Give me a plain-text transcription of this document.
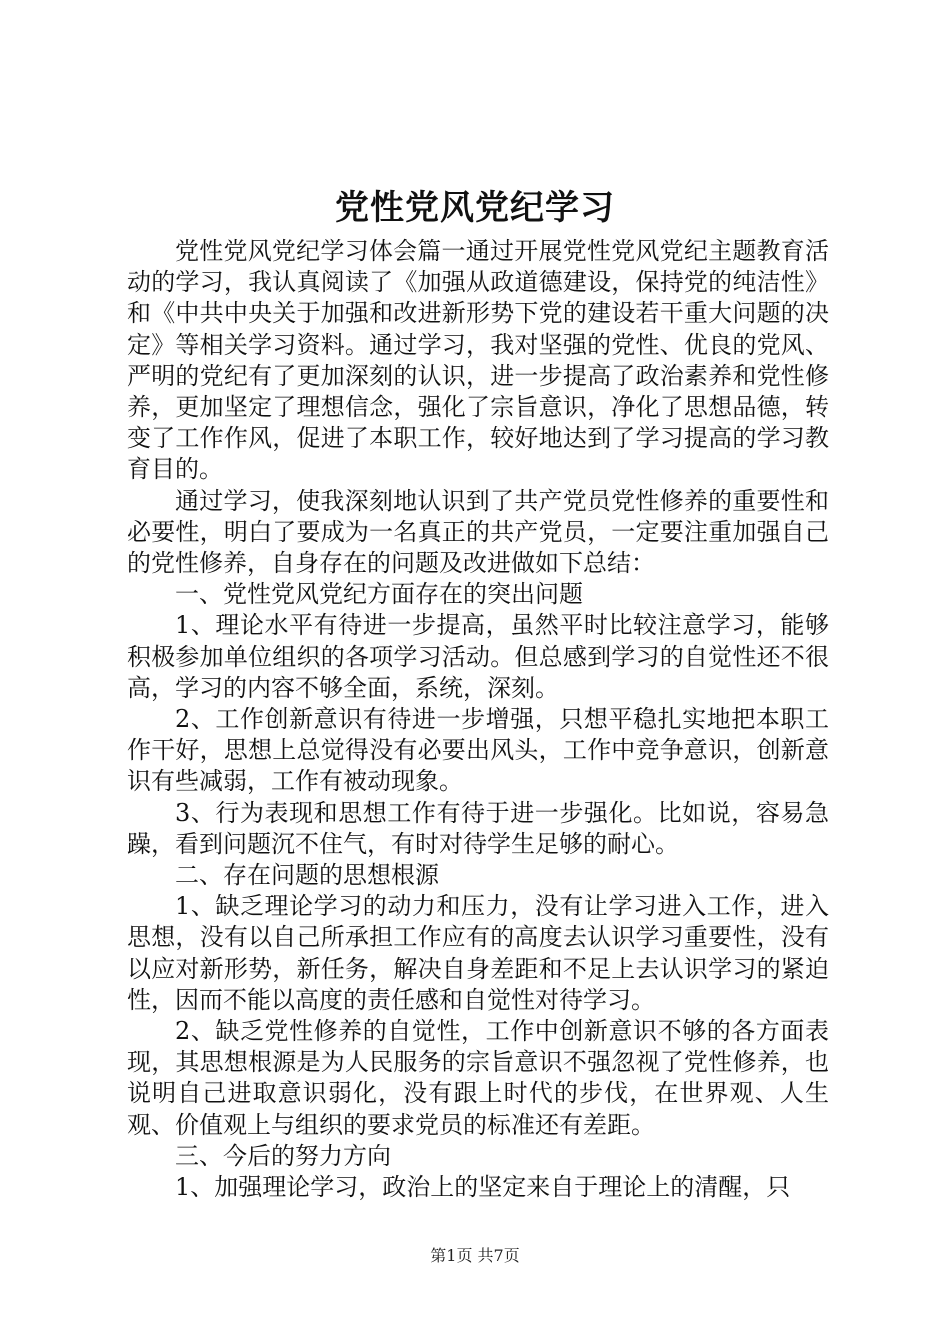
党性党风党纪学习

党性党风党纪学习体会篇一通过开展党性党风党纪主题教育活动的学习，我认真阅读了《加强从政道德建设，保持党的纯洁性》和《中共中央关于加强和改进新形势下党的建设若干重大问题的决定》等相关学习资料。通过学习，我对坚强的党性、优良的党风、严明的党纪有了更加深刻的认识，进一步提高了政治素养和党性修养，更加坚定了理想信念，强化了宗旨意识，净化了思想品德，转变了工作作风，促进了本职工作，较好地达到了学习提高的学习教育目的。

通过学习，使我深刻地认识到了共产党员党性修养的重要性和必要性，明白了要成为一名真正的共产党员，一定要注重加强自己的党性修养，自身存在的问题及改进做如下总结：

一、党性党风党纪方面存在的突出问题

1、理论水平有待进一步提高，虽然平时比较注意学习，能够积极参加单位组织的各项学习活动。但总感到学习的自觉性还不很高，学习的内容不够全面，系统，深刻。

2、工作创新意识有待进一步增强，只想平稳扎实地把本职工作干好，思想上总觉得没有必要出风头，工作中竞争意识，创新意识有些减弱，工作有被动现象。

3、行为表现和思想工作有待于进一步强化。比如说，容易急躁，看到问题沉不住气，有时对待学生足够的耐心。

二、存在问题的思想根源

1、缺乏理论学习的动力和压力，没有让学习进入工作，进入思想，没有以自己所承担工作应有的高度去认识学习重要性，没有以应对新形势，新任务，解决自身差距和不足上去认识学习的紧迫性，因而不能以高度的责任感和自觉性对待学习。

2、缺乏党性修养的自觉性，工作中创新意识不够的各方面表现，其思想根源是为人民服务的宗旨意识不强忽视了党性修养，也说明自己进取意识弱化，没有跟上时代的步伐，在世界观、人生观、价值观上与组织的要求党员的标准还有差距。

三、今后的努力方向

1、加强理论学习，政治上的坚定来自于理论上的清醒，只

第1页 共7页
